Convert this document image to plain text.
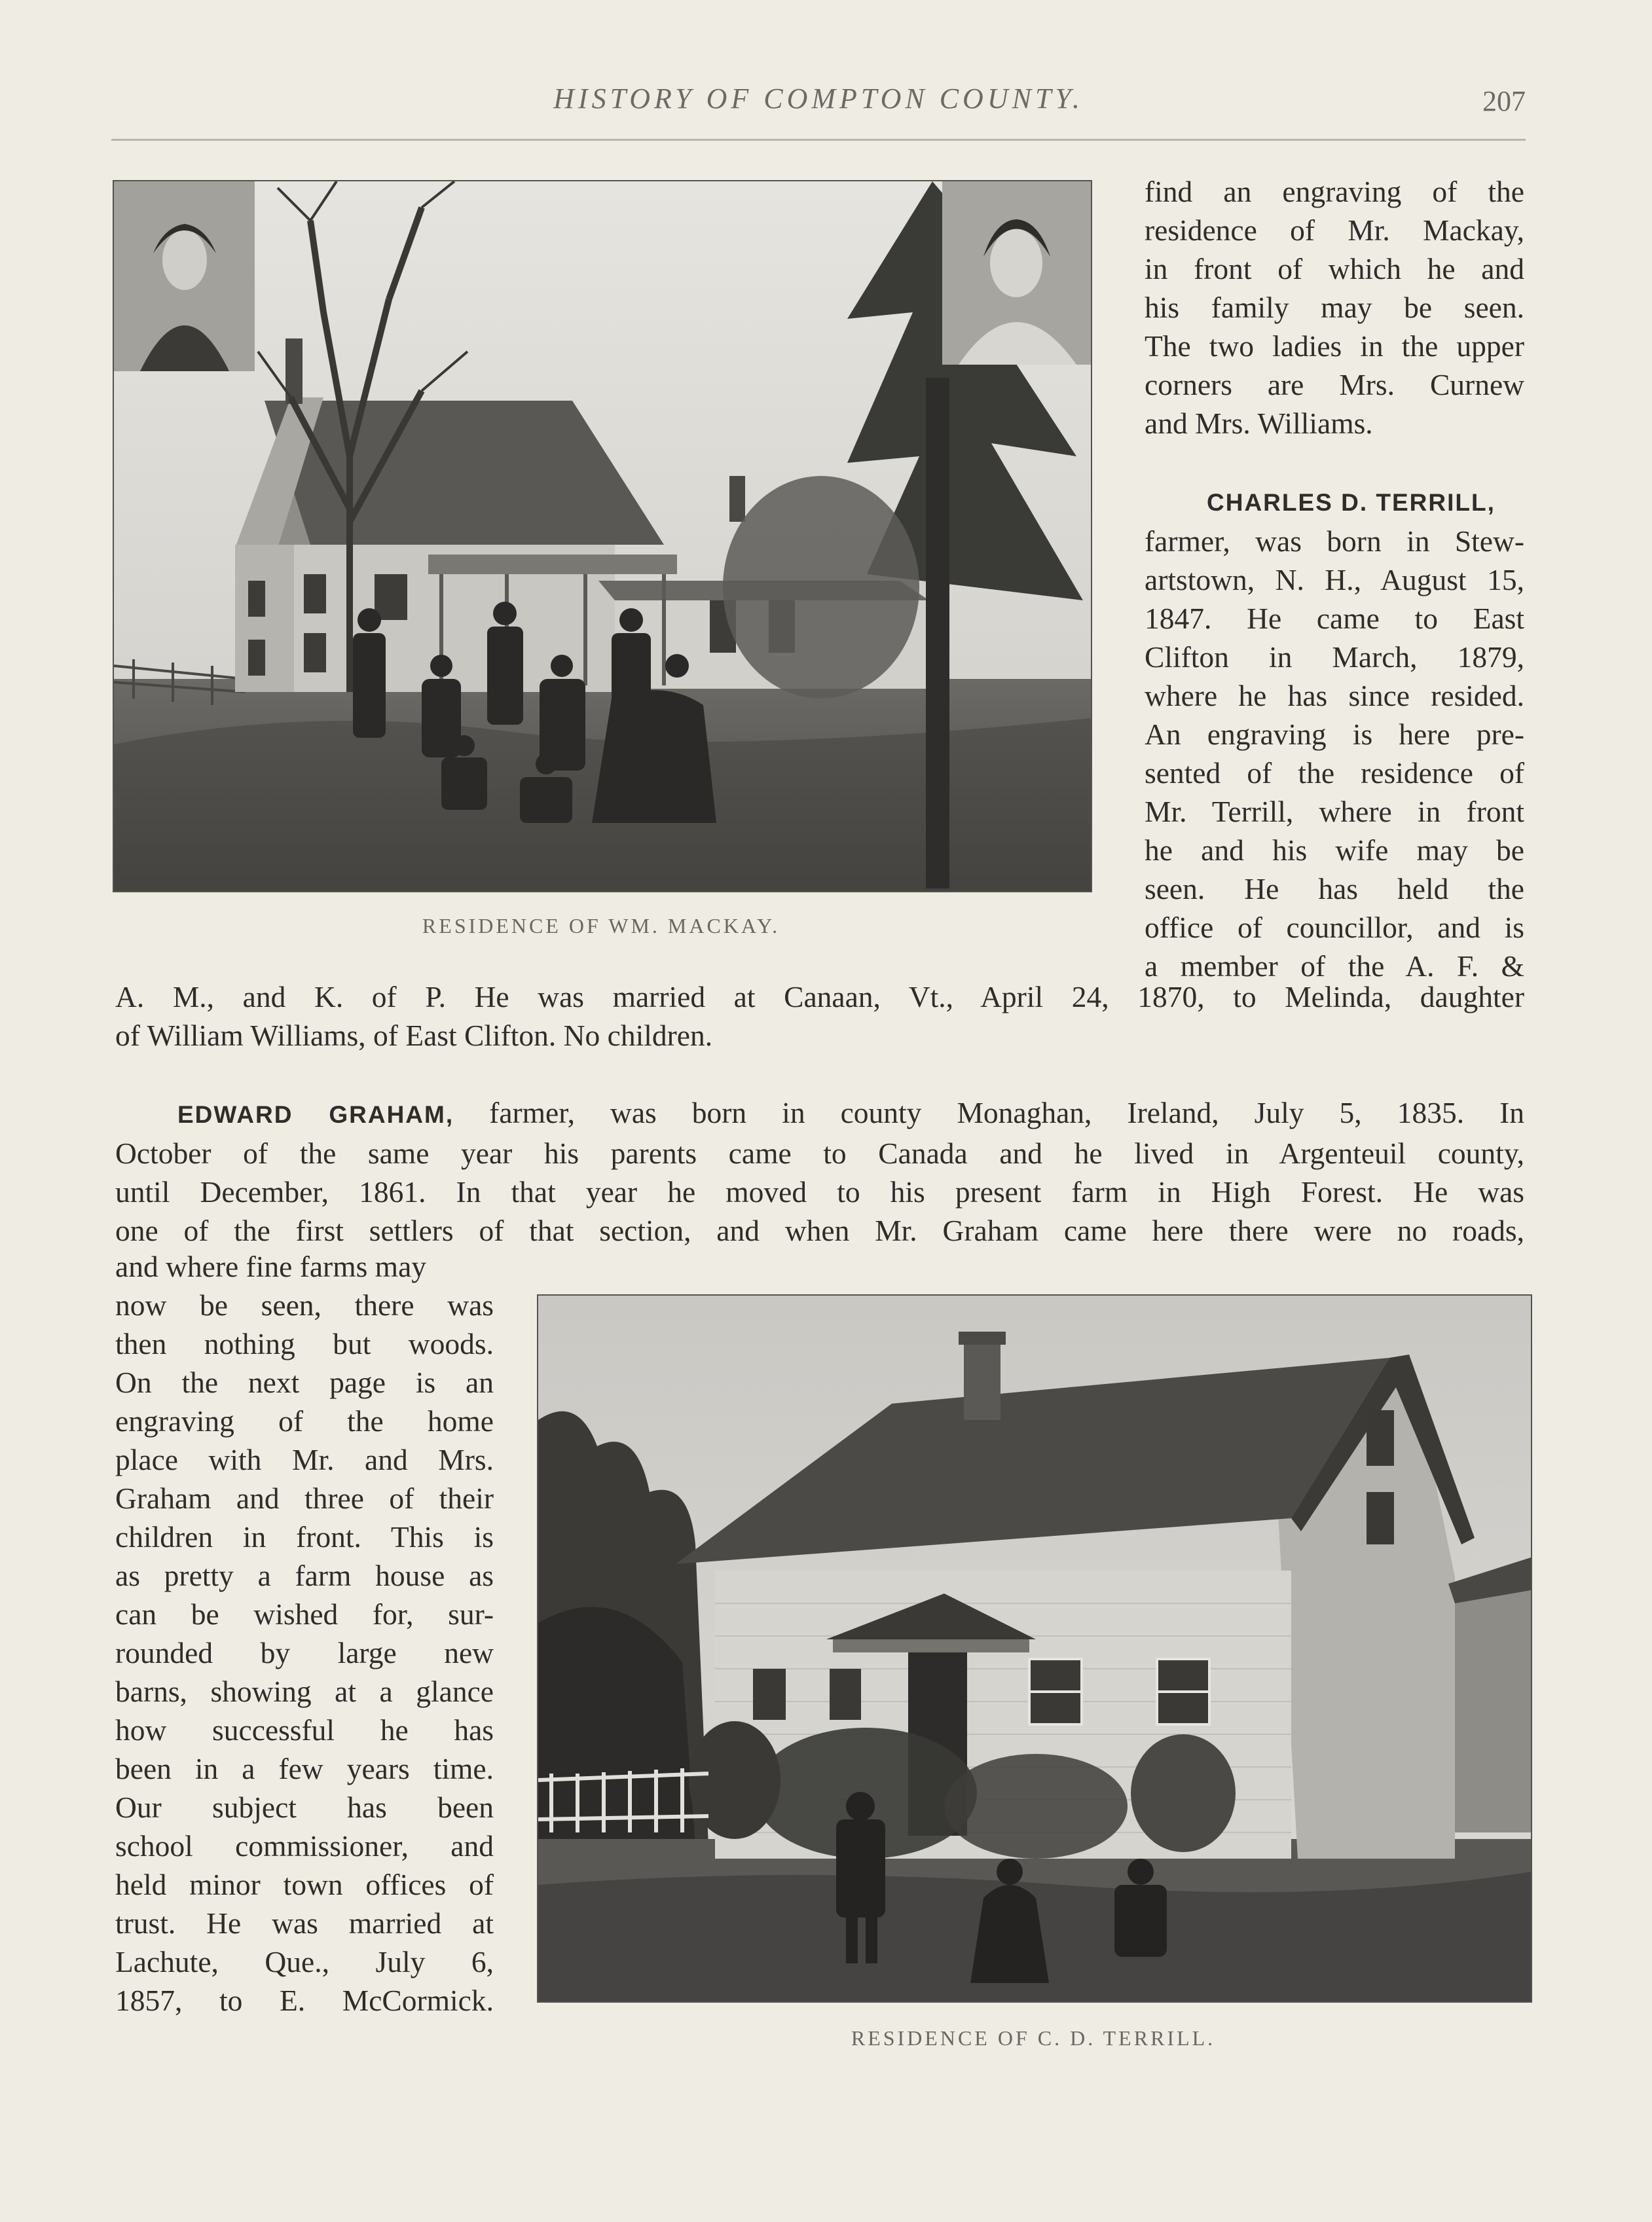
HISTORY OF COMPTON COUNTY.	207
RESIDENCE OF WM. MACKAY.

find an engraving of the

residence of Mr. Mackay,

in front of which he and

his family may be seen.

The two ladies in the upper

corners are Mrs. Curnew

and Mrs. Williams.

CHARLES D. TERRILL,

farmer, was born in Stew-

artstown, N. H., August 15,

1847. He came to East

Clifton in March, 1879,

where he has since resided.

An engraving is here pre-

sented of the residence of

Mr. Terrill, where in front

he and his wife may be

seen. He has held the

office of councillor, and is

a member of the A. F. &

A. M., and K. of P. He was married at Canaan, Vt., April 24, 1870, to Melinda, daughter

of William Williams, of East Clifton. No children.

EDWARD GRAHAM, farmer, was born in county Monaghan, Ireland, July 5, 1835. In

October of the same year his parents came to Canada and he lived in Argenteuil county,

until December, 1861. In that year he moved to his present farm in High Forest. He was

one of the first settlers of that section, and when Mr. Graham came here there were no roads,

and where fine farms may

now be seen, there was

then nothing but woods.

On the next page is an

engraving of the home

place with Mr. and Mrs.

Graham and three of their

children in front. This is

as pretty a farm house as

can be wished for, sur-

rounded by large new

barns, showing at a glance

how successful he has

been in a few years time.

Our subject has been

school commissioner, and

held minor town offices of

trust. He was married at

Lachute, Que., July 6,

1857, to E. McCormick.

RESIDENCE OF C. D. TERRILL.
